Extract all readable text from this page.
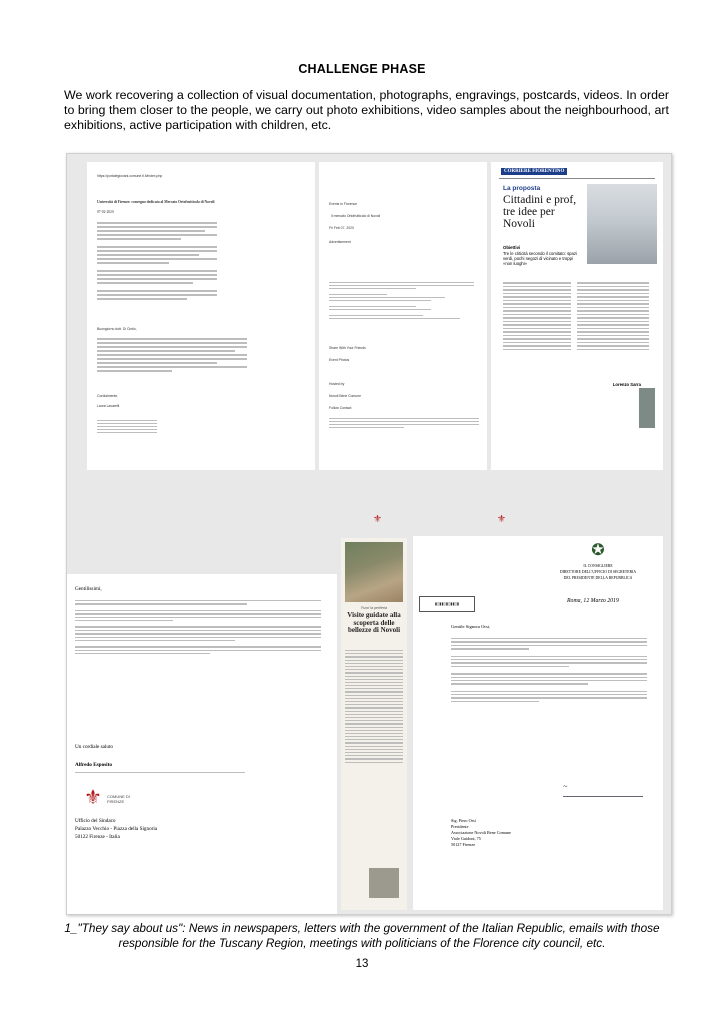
CHALLENGE PHASE
We work recovering a collection of visual documentation, photographs, engravings, postcards, videos. In order to bring them closer to the people, we carry out photo exhibitions, video samples about the neighbourhood, art exhibitions, active participation with children, etc.
https://portalegiovani.comune.fi.it/index.php
Università di Firenze: convegno dedicato al Mercato Ortofrutticolo di Novoli
07-02-2020
Buongiorno dott. Di Cintio,
Cordialmente,
Laura Lavarelli
Events in Florence
Il mercato Ortofrutticolo di Novoli
Fri Feb 07, 2020
Advertisement
Share With Your Friends
Event Photos
Hosted by
Novoli Bene Comune
Follow Contact
CORRIERE FIORENTINO
La proposta
Cittadini e prof, tre idee per Novoli
Obiettivi
Tre le criticità secondo il comitato: spazi verdi, pochi negozi di vicinato e troppi «non luoghi»
Lorenzo Sarra
Gentilissimi,
Un cordiale saluto
Alfredo Esposito
⚜ COMUNE DI FIRENZE
Ufficio del Sindaco
Palazzo Vecchio - Piazza della Signoria
50122 Firenze - Italia
Fuori la periferia
Visite guidate alla scoperta delle bellezze di Novoli
▮▯▮▮▯▮▯▮▮▯▮
✪
IL CONSIGLIERE
DIRETTORE DELL'UFFICIO DI SEGRETERIA
DEL PRESIDENTE DELLA REPUBBLICA
Roma, 12 Marzo 2019
Gentile Signora Orsi,
~
Sig. Piero Orsi
Presidente
Associazione Novoli Bene Comune
Viale Guidoni, 75
50127 Firenze
⚜	⚜
1_"They say about us": News in newspapers, letters with the government of the Italian Republic, emails with those responsible for the Tuscany Region, meetings with politicians of the Florence city council, etc.
13
